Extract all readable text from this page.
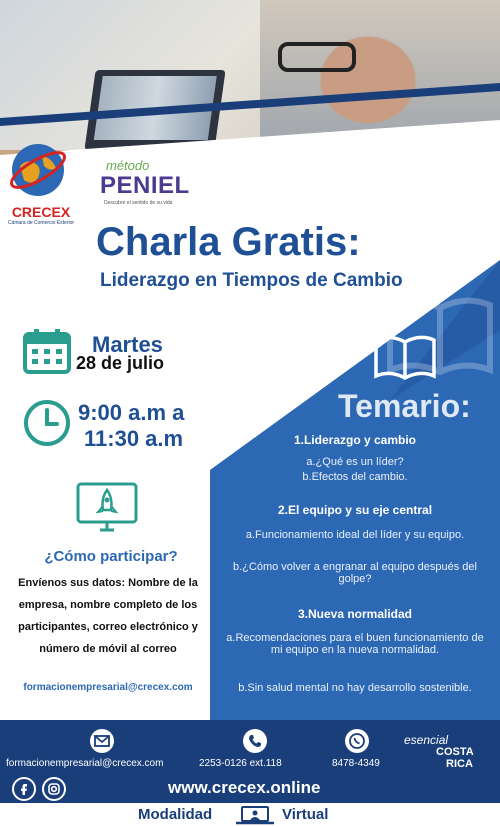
CRECEX
Cámara de Comercio Exterior
método
PENIEL
Descubre el sentido de su vida
Charla Gratis:
Liderazgo en Tiempos de Cambio
Martes
28 de julio
9:00 a.m a
11:30 a.m
¿Cómo participar?
Envíenos sus datos: Nombre de la empresa, nombre completo de los participantes, correo electrónico y número de móvil al correo
formacionempresarial@crecex.com
Temario:
1.Liderazgo y cambio
a.¿Qué es un líder?
b.Efectos del cambio.
2.El equipo y su eje central
a.Funcionamiento ideal del líder y su equipo.
b.¿Cómo volver a engranar al equipo después del golpe?
3.Nueva normalidad
a.Recomendaciones para el buen funcionamiento de mi equipo en la nueva normalidad.
b.Sin salud mental no hay desarrollo sostenible.
formacionempresarial@crecex.com	2253-0126 ext.118	8478-4349
esencial
COSTA
RICA
www.crecex.online
Modalidad	Virtual
